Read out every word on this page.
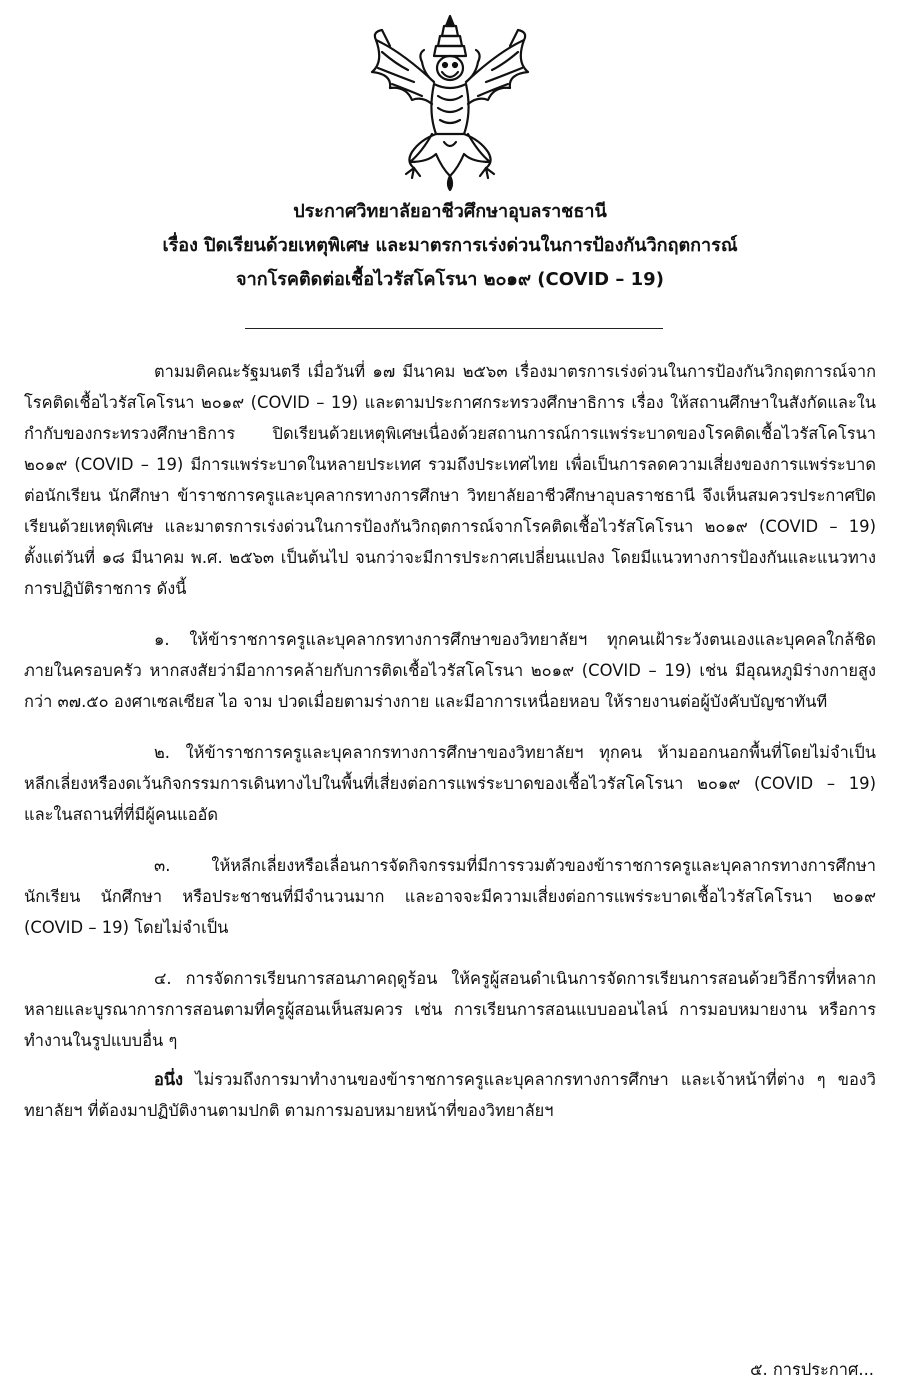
ประกาศวิทยาลัยอาชีวศึกษาอุบลราชธานี
เรื่อง ปิดเรียนด้วยเหตุพิเศษ และมาตรการเร่งด่วนในการป้องกันวิกฤตการณ์
จากโรคติดต่อเชื้อไวรัสโคโรนา ๒๐๑๙ (COVID – 19)

ตามมติคณะรัฐมนตรี เมื่อวันที่ ๑๗ มีนาคม ๒๕๖๓ เรื่องมาตรการเร่งด่วนในการป้องกันวิกฤตการณ์จากโรคติดเชื้อไวรัสโคโรนา ๒๐๑๙ (COVID – 19) และตามประกาศกระทรวงศึกษาธิการ เรื่อง ให้สถานศึกษาในสังกัดและในกำกับของกระทรวงศึกษาธิการ ปิดเรียนด้วยเหตุพิเศษเนื่องด้วยสถานการณ์การแพร่ระบาดของโรคติดเชื้อไวรัสโคโรนา ๒๐๑๙ (COVID – 19) มีการแพร่ระบาดในหลายประเทศ รวมถึงประเทศไทย เพื่อเป็นการลดความเสี่ยงของการแพร่ระบาด ต่อนักเรียน นักศึกษา ข้าราชการครูและบุคลากรทางการศึกษา วิทยาลัยอาชีวศึกษาอุบลราชธานี จึงเห็นสมควรประกาศปิดเรียนด้วยเหตุพิเศษ และมาตรการเร่งด่วนในการป้องกันวิกฤตการณ์จากโรคติดเชื้อไวรัสโคโรนา ๒๐๑๙ (COVID – 19) ตั้งแต่วันที่ ๑๘ มีนาคม พ.ศ. ๒๕๖๓ เป็นต้นไป จนกว่าจะมีการประกาศเปลี่ยนแปลง โดยมีแนวทางการป้องกันและแนวทางการปฏิบัติราชการ ดังนี้

๑. ให้ข้าราชการครูและบุคลากรทางการศึกษาของวิทยาลัยฯ ทุกคนเฝ้าระวังตนเองและบุคคลใกล้ชิดภายในครอบครัว หากสงสัยว่ามีอาการคล้ายกับการติดเชื้อไวรัสโคโรนา ๒๐๑๙ (COVID – 19) เช่น มีอุณหภูมิร่างกายสูงกว่า ๓๗.๕๐ องศาเซลเซียส ไอ จาม ปวดเมื่อยตามร่างกาย และมีอาการเหนื่อยหอบ ให้รายงานต่อผู้บังคับบัญชาทันที

๒. ให้ข้าราชการครูและบุคลากรทางการศึกษาของวิทยาลัยฯ ทุกคน ห้ามออกนอกพื้นที่โดยไม่จำเป็น หลีกเลี่ยงหรืองดเว้นกิจกรรมการเดินทางไปในพื้นที่เสี่ยงต่อการแพร่ระบาดของเชื้อไวรัสโคโรนา ๒๐๑๙ (COVID – 19) และในสถานที่ที่มีผู้คนแออัด

๓. ให้หลีกเลี่ยงหรือเลื่อนการจัดกิจกรรมที่มีการรวมตัวของข้าราชการครูและบุคลากรทางการศึกษา นักเรียน นักศึกษา หรือประชาชนที่มีจำนวนมาก และอาจจะมีความเสี่ยงต่อการแพร่ระบาดเชื้อไวรัสโคโรนา ๒๐๑๙ (COVID – 19) โดยไม่จำเป็น

๔. การจัดการเรียนการสอนภาคฤดูร้อน ให้ครูผู้สอนดำเนินการจัดการเรียนการสอนด้วยวิธีการที่หลากหลายและบูรณาการการสอนตามที่ครูผู้สอนเห็นสมควร เช่น การเรียนการสอนแบบออนไลน์ การมอบหมายงาน หรือการทำงานในรูปแบบอื่น ๆ

อนึ่ง ไม่รวมถึงการมาทำงานของข้าราชการครูและบุคลากรทางการศึกษา และเจ้าหน้าที่ต่าง ๆ ของวิทยาลัยฯ ที่ต้องมาปฏิบัติงานตามปกติ ตามการมอบหมายหน้าที่ของวิทยาลัยฯ

๕. การประกาศ...
